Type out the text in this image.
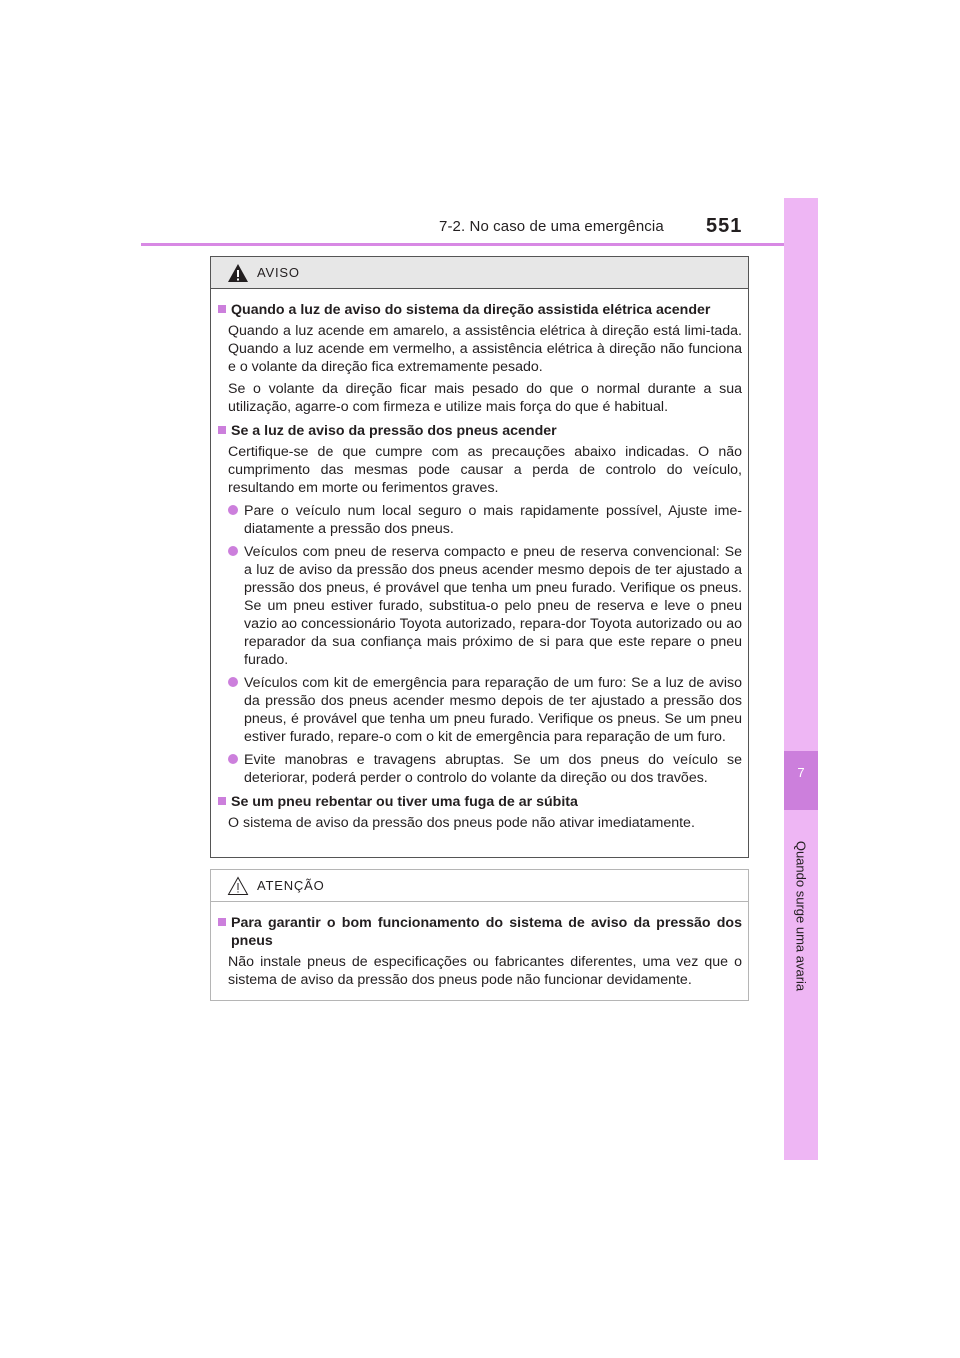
7-2. No caso de uma emergência 551
7
Quando surge uma avaria
AVISO
Quando a luz de aviso do sistema da direção assistida elétrica acender
Quando a luz acende em amarelo, a assistência elétrica à direção está limi-tada. Quando a luz acende em vermelho, a assistência elétrica à direção não funciona e o volante da direção fica extremamente pesado.
Se o volante da direção ficar mais pesado do que o normal durante a sua utilização, agarre-o com firmeza e utilize mais força do que é habitual.
Se a luz de aviso da pressão dos pneus acender
Certifique-se de que cumpre com as precauções abaixo indicadas. O não cumprimento das mesmas pode causar a perda de controlo do veículo, resultando em morte ou ferimentos graves.
Pare o veículo num local seguro o mais rapidamente possível, Ajuste ime-diatamente a pressão dos pneus.
Veículos com pneu de reserva compacto e pneu de reserva convencional: Se a luz de aviso da pressão dos pneus acender mesmo depois de ter ajustado a pressão dos pneus, é provável que tenha um pneu furado. Verifique os pneus. Se um pneu estiver furado, substitua-o pelo pneu de reserva e leve o pneu vazio ao concessionário Toyota autorizado, repara-dor Toyota autorizado ou ao reparador da sua confiança mais próximo de si para que este repare o pneu furado.
Veículos com kit de emergência para reparação de um furo: Se a luz de aviso da pressão dos pneus acender mesmo depois de ter ajustado a pressão dos pneus, é provável que tenha um pneu furado. Verifique os pneus. Se um pneu estiver furado, repare-o com o kit de emergência para reparação de um furo.
Evite manobras e travagens abruptas. Se um dos pneus do veículo se deteriorar, poderá perder o controlo do volante da direção ou dos travões.
Se um pneu rebentar ou tiver uma fuga de ar súbita
O sistema de aviso da pressão dos pneus pode não ativar imediatamente.
ATENÇÃO
Para garantir o bom funcionamento do sistema de aviso da pressão dos pneus
Não instale pneus de especificações ou fabricantes diferentes, uma vez que o sistema de aviso da pressão dos pneus pode não funcionar devidamente.
